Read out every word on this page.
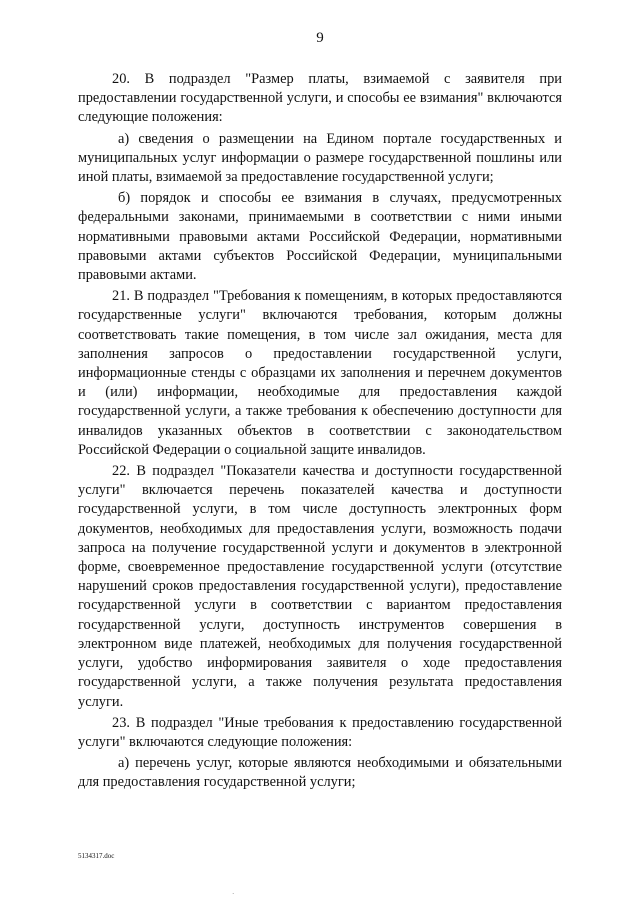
9

20. В подраздел "Размер платы, взимаемой с заявителя при предоставлении государственной услуги, и способы ее взимания" включаются следующие положения:

а) сведения о размещении на Едином портале государственных и муниципальных услуг информации о размере государственной пошлины или иной платы, взимаемой за предоставление государственной услуги;

б) порядок и способы ее взимания в случаях, предусмотренных федеральными законами, принимаемыми в соответствии с ними иными нормативными правовыми актами Российской Федерации, нормативными правовыми актами субъектов Российской Федерации, муниципальными правовыми актами.

21. В подраздел "Требования к помещениям, в которых предоставляются государственные услуги" включаются требования, которым должны соответствовать такие помещения, в том числе зал ожидания, места для заполнения запросов о предоставлении государственной услуги, информационные стенды с образцами их заполнения и перечнем документов и (или) информации, необходимые для предоставления каждой государственной услуги, а также требования к обеспечению доступности для инвалидов указанных объектов в соответствии с законодательством Российской Федерации о социальной защите инвалидов.

22. В подраздел "Показатели качества и доступности государственной услуги" включается перечень показателей качества и доступности государственной услуги, в том числе доступность электронных форм документов, необходимых для предоставления услуги, возможность подачи запроса на получение государственной услуги и документов в электронной форме, своевременное предоставление государственной услуги (отсутствие нарушений сроков предоставления государственной услуги), предоставление государственной услуги в соответствии с вариантом предоставления государственной услуги, доступность инструментов совершения в электронном виде платежей, необходимых для получения государственной услуги, удобство информирования заявителя о ходе предоставления государственной услуги, а также получения результата предоставления услуги.

23. В подраздел "Иные требования к предоставлению государственной услуги" включаются следующие положения:

а) перечень услуг, которые являются необходимыми и обязательными для предоставления государственной услуги;

5134317.doc
·
